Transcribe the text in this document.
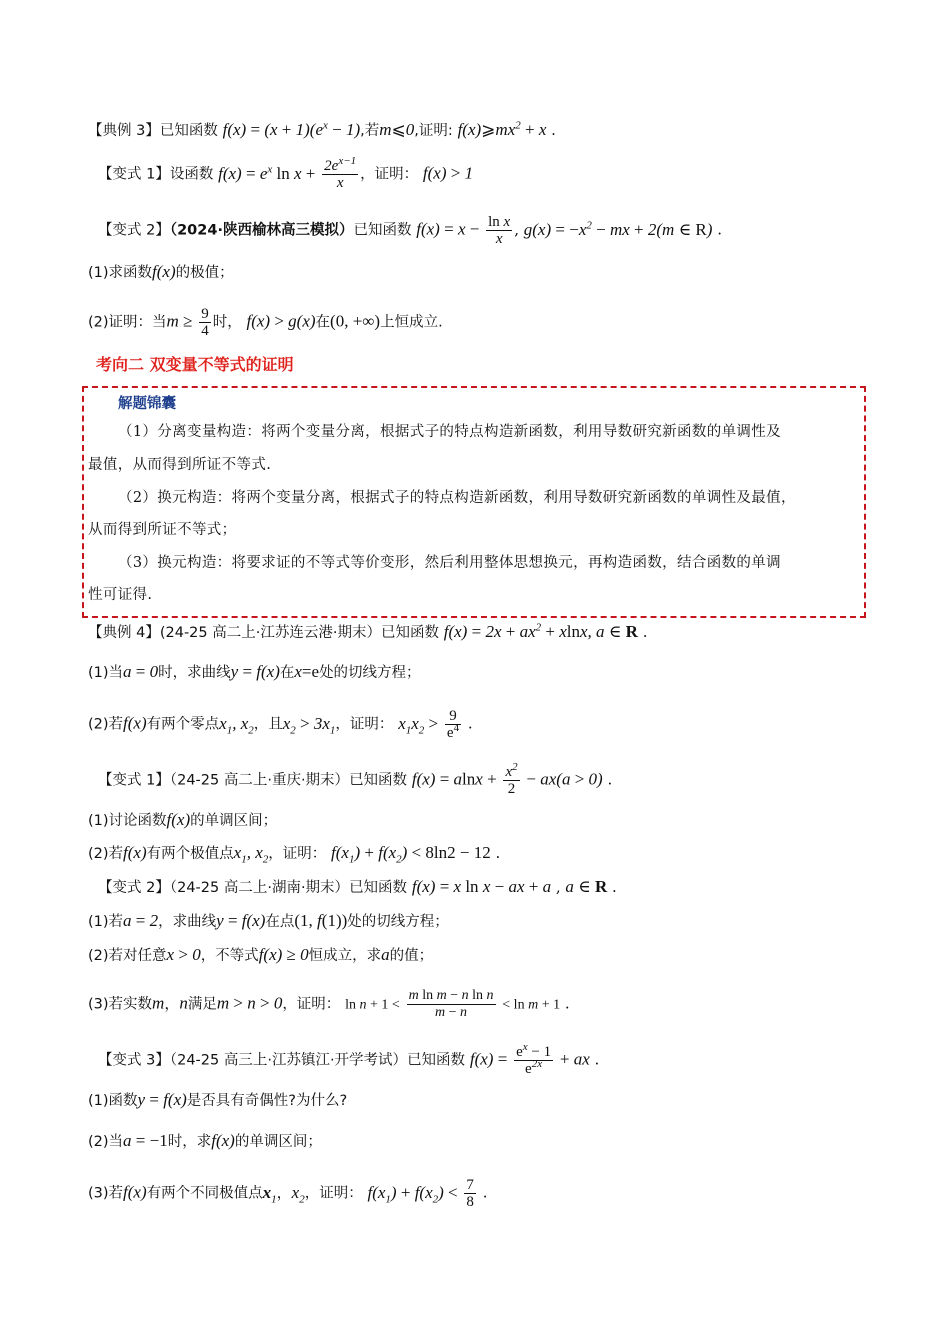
【典例 3】已知函数 $f(x) = (x + 1)(e^x - 1)$,若m⩽0,证明: $f(x)⩾mx^2 + x$ .
【变式 1】设函数 $f(x) = e^x$ $\ln x + \frac{2e^{x-1}}{x}$ ，证明： f(x) > 1
【变式 2】（2024·陕西榆林高三模拟）已知函数 $f(x) = x - \frac{\text{ln x}}{x}$ , $g(x) = -x^2$ − mx + 2(m ∈ R) .
(1)求函数f(x)的极值；
(2)证明：当$m \ge \frac{9}{4}$ 时， f(x) > g(x)在(0, +∞)上恒成立.
考向二 双变量不等式的证明
解题锦囊
（1）分离变量构造：将两个变量分离，根据式子的特点构造新函数，利用导数研究新函数的单调性及
最值，从而得到所证不等式.
（2）换元构造：将两个变量分离，根据式子的特点构造新函数，利用导数研究新函数的单调性及最值，
从而得到所证不等式；
（3）换元构造：将要求证的不等式等价变形，然后利用整体思想换元，再构造函数，结合函数的单调
性可证得.
【典例 4】(24-25 高二上·江苏连云港·期末）已知函数 $f(x) = 2x + ax^2 + xlnx$, a ∈ R .
(1)当a = 0时，求曲线y = f(x)在x=e处的切线方程；
(2)若f(x)有两个零点$x_1$, $x_2$，且$x_2 > 3x_1$，证明： $x_1x_2 > \frac{9}{e^4}$ .
【变式 1】（24-25 高二上·重庆·期末）已知函数 $f(x) = alnx + \frac{x^2}{2} - ax(a > 0)$ .
(1)讨论函数f(x)的单调区间；
(2)若f(x)有两个极值点$x_1$, $x_2$，证明： $f(x_1) + f(x_2) < 8\ln 2 - 12$ .
【变式 2】（24-25 高二上·湖南·期末）已知函数 f(x) = x ln x − ax + a , a ∈ R .
(1)若a = 2，求曲线y = f(x)在点(1, f(1))处的切线方程；
(2)若对任意x > 0，不等式f(x) ≥ 0恒成立，求a的值；
(3)若实数m，n满足m > n > 0，证明： $\ln n + 1 < \frac{\text{m ln m − n ln n}}{m - n} < \ln m + 1$ .
【变式 3】（24-25 高三上·江苏镇江·开学考试）已知函数 $f(x) = \frac{e^x - 1}{e^{2x}}$ + ax .
(1)函数y = f(x)是否具有奇偶性?为什么?
(2)当a = −1时，求f(x)的单调区间；
(3)若f(x)有两个不同极值点$x_1$，$x_2$，证明： $f(x_1) + f(x_2) < \frac{7}{8}$ .
